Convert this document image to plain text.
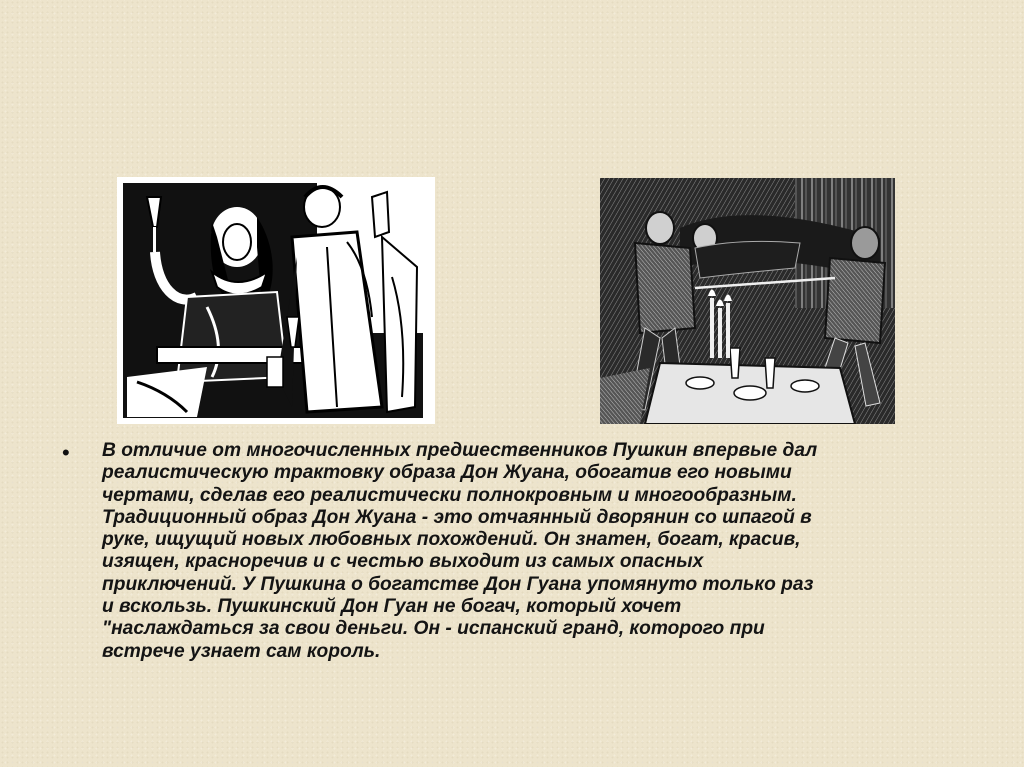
•	В отличие от многочисленных предшественников Пушкин впервые дал
реалистическую трактовку образа Дон Жуана, обогатив его новыми
чертами, сделав его реалистически полнокровным и многообразным.
Традиционный образ Дон Жуана - это отчаянный дворянин со шпагой в
руке, ищущий новых любовных похождений. Он знатен, богат, красив,
изящен, красноречив и с честью выходит из самых опасных
приключений. У Пушкина о богатстве Дон Гуана упомянуто только раз
и вскользь. Пушкинский Дон Гуан не богач, который хочет
"наслаждаться за свои деньги. Он - испанский гранд, которого при
встрече узнает сам король.
